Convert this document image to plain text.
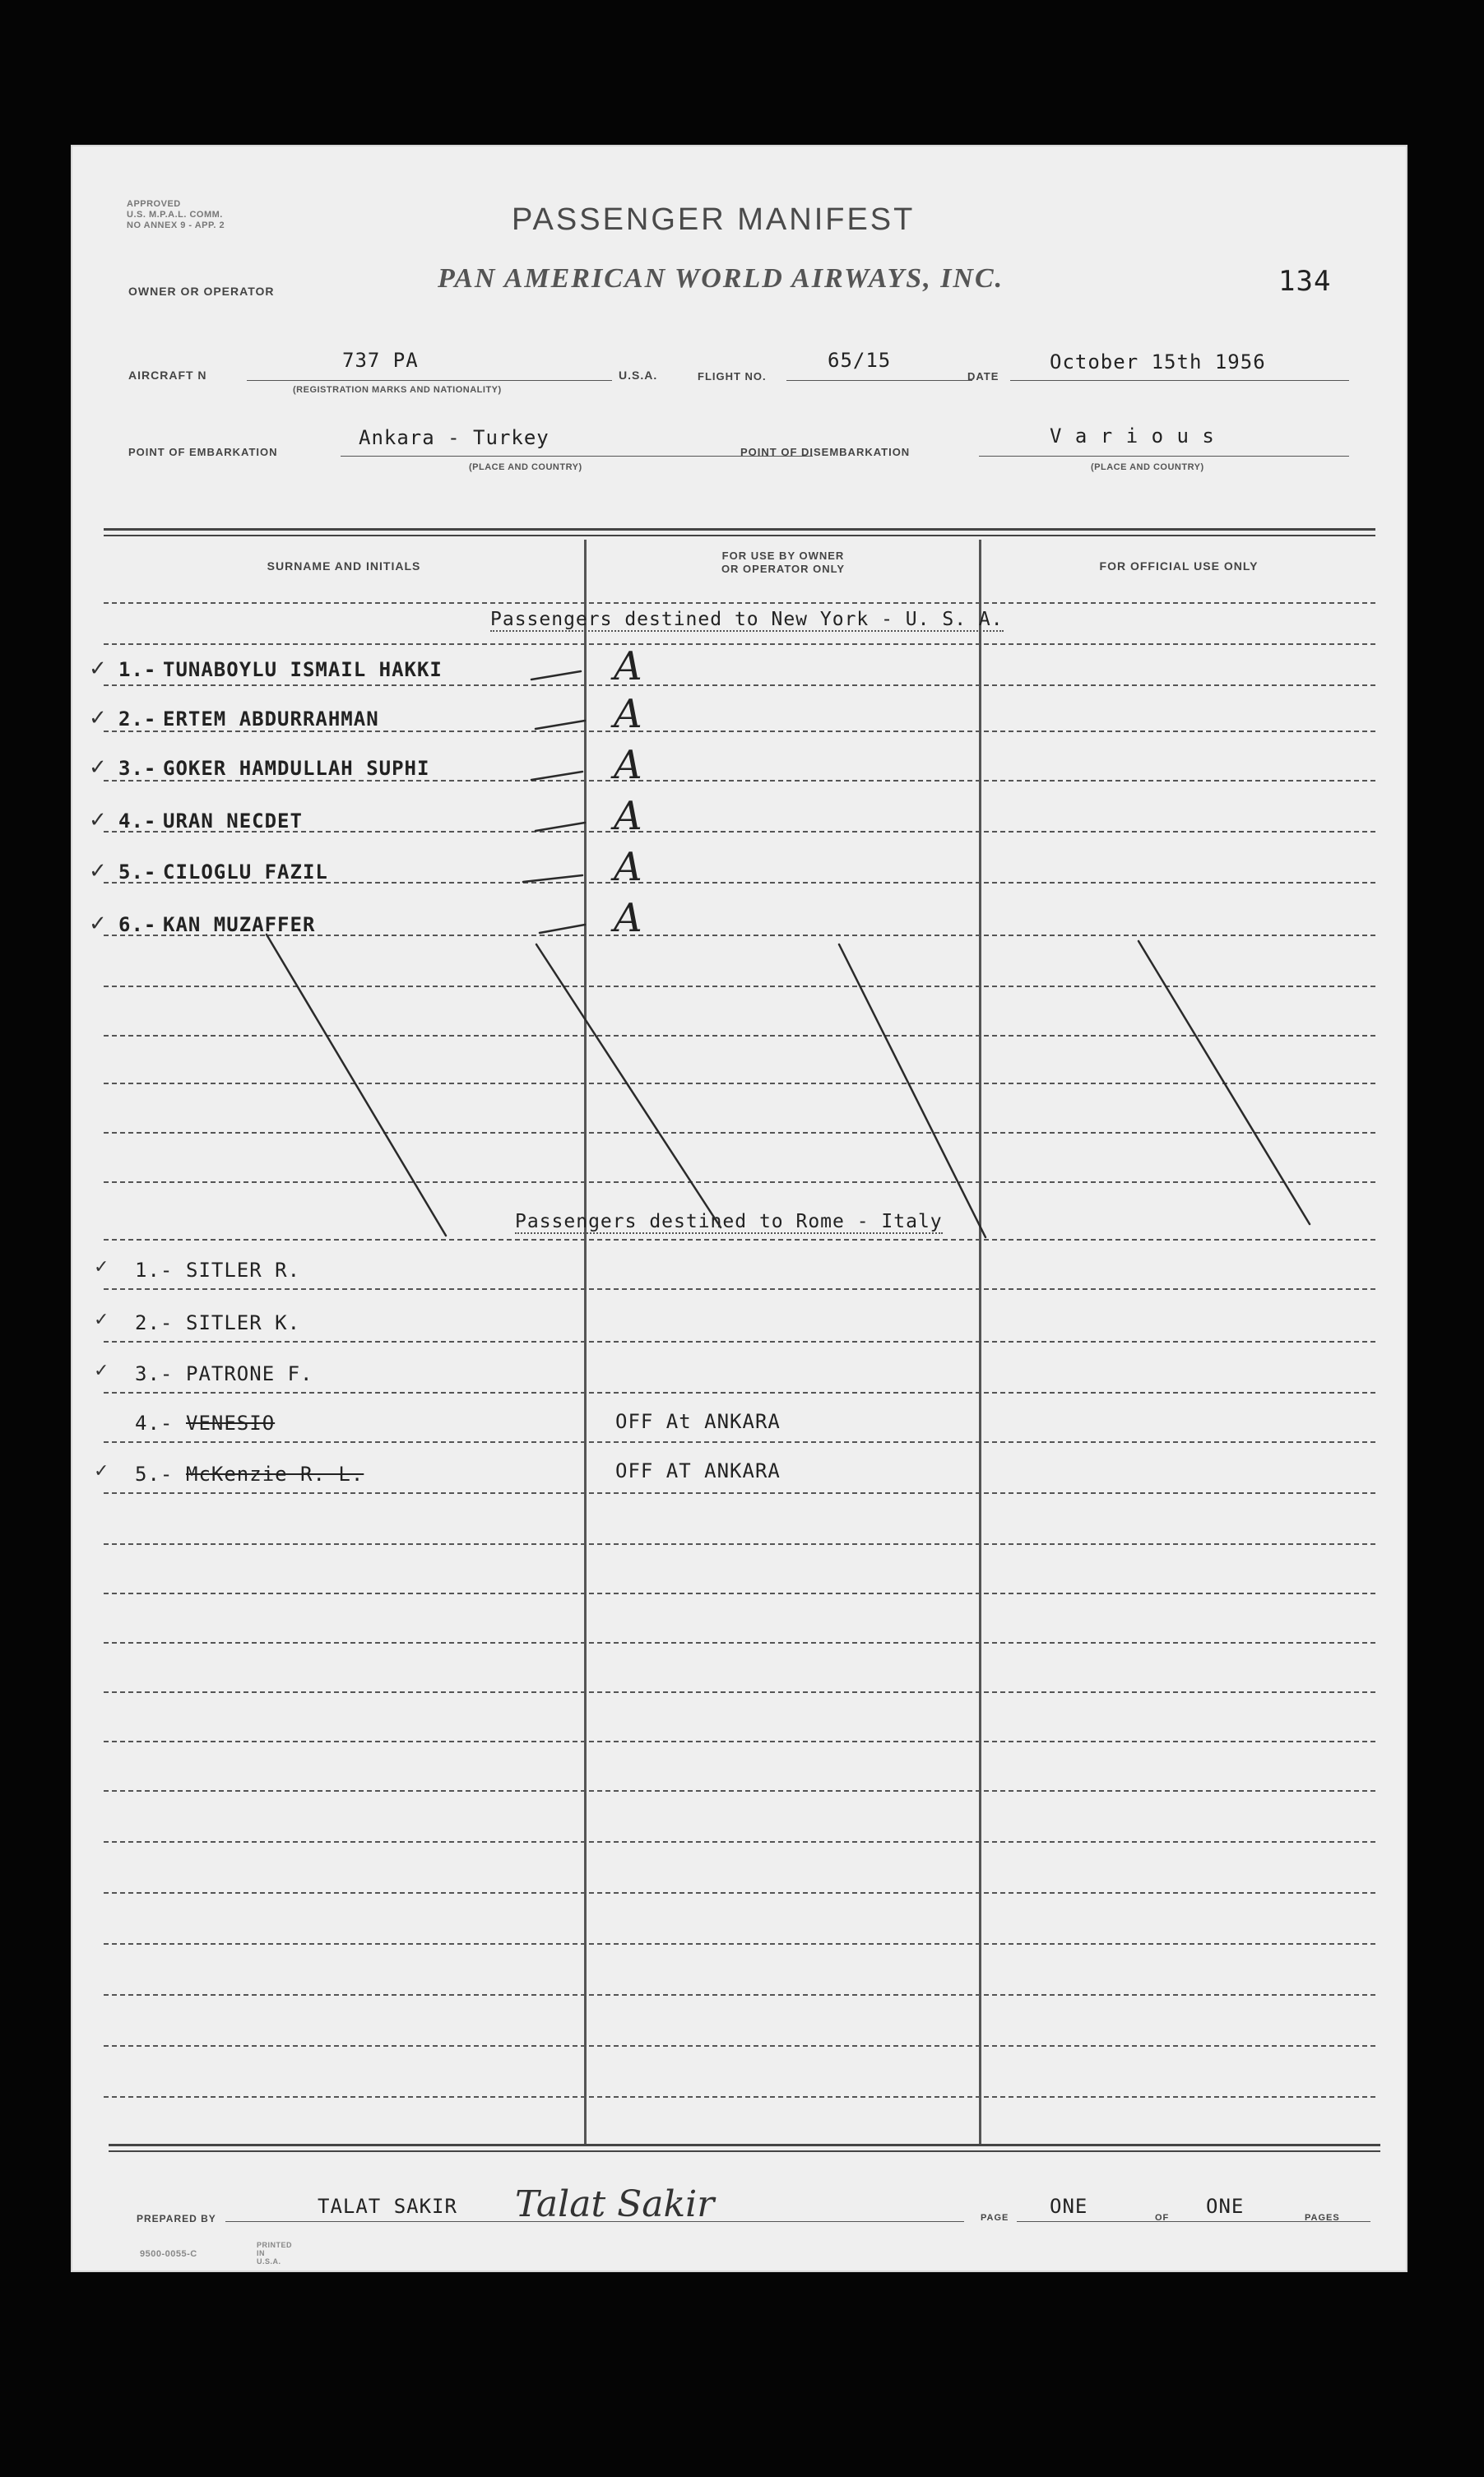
APPROVED
U.S. M.P.A.L. COMM.
NO ANNEX 9 - APP. 2	PASSENGER MANIFEST
OWNER OR OPERATOR	PAN AMERICAN WORLD AIRWAYS, INC.	134
AIRCRAFT N
737 PA
(REGISTRATION MARKS AND NATIONALITY)
U.S.A.	FLIGHT NO.
65/15
DATE
October 15th 1956
POINT OF EMBARKATION
Ankara - Turkey
(PLACE AND COUNTRY)
POINT OF DISEMBARKATION
V a r i o u s
(PLACE AND COUNTRY)
SURNAME AND INITIALS
FOR USE BY OWNER
OR OPERATOR ONLY	FOR OFFICIAL USE ONLY
Passengers destined to New York - U. S. A.
✓ 1.- TUNABOYLU ISMAIL HAKKI	A
✓ 2.- ERTEM ABDURRAHMAN	A
✓ 3.- GOKER HAMDULLAH SUPHI	A
✓ 4.- URAN NECDET	A
✓ 5.- CILOGLU FAZIL	A
✓ 6.- KAN MUZAFFER	A
Passengers destined to Rome - Italy
✓ 1.- SITLER R.
✓ 2.- SITLER K.
✓ 3.- PATRONE F.
4.- VENESIO	OFF At ANKARA
✓ 5.- McKenzie R. L.	OFF AT ANKARA
PREPARED BY
TALAT SAKIR Talat Sakir	PAGE ONE	OF ONE	PAGES
9500-0055-C
PRINTED IN U.S.A.
